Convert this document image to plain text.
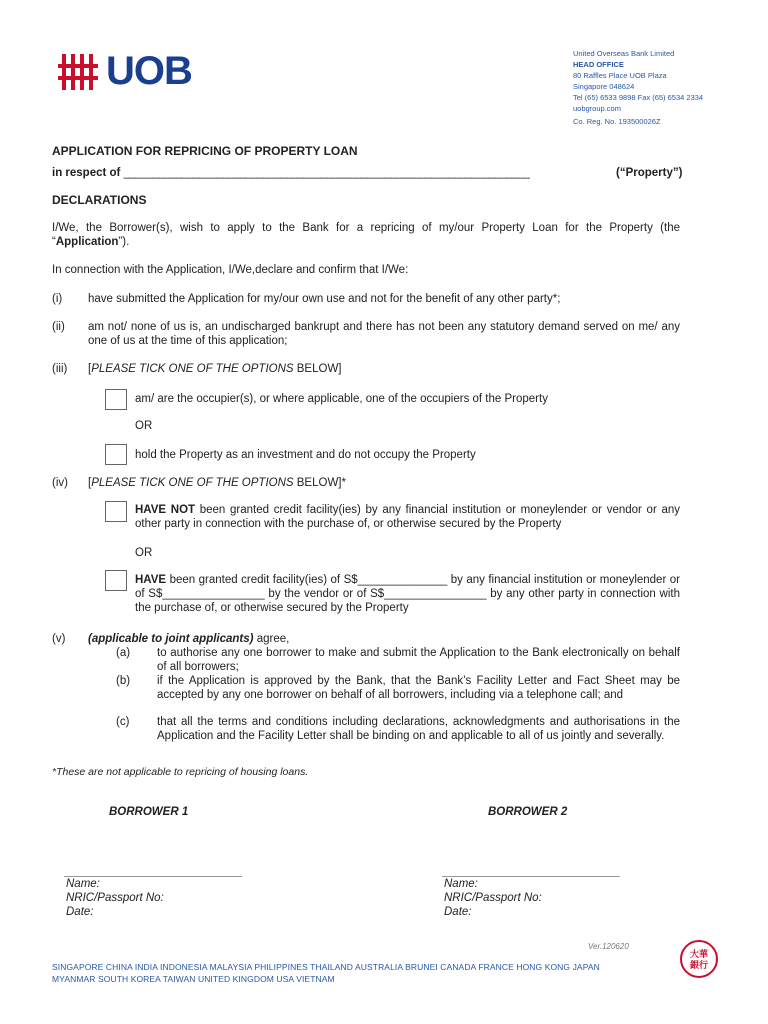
UOB	United Overseas Bank Limited
HEAD OFFICE
80 Raffles Place UOB Plaza
Singapore 048624
Tel (65) 6533 9898 Fax (65) 6534 2334
uobgroup.com
Co. Reg. No. 193500026Z
APPLICATION FOR REPRICING OF PROPERTY LOAN
in respect of ______________________________________________________________________	(“Property”)
DECLARATIONS
I/We, the Borrower(s), wish to apply to the Bank for a repricing of my/our Property Loan for the Property (the “Application”).
In connection with the Application, I/We,declare and confirm that I/We:
(i) have submitted the Application for my/our own use and not for the benefit of any other party*;
(ii) am not/ none of us is, an undischarged bankrupt and there has not been any statutory demand served on me/ any one of us at the time of this application;
(iii) [PLEASE TICK ONE OF THE OPTIONS BELOW]
am/ are the occupier(s), or where applicable, one of the occupiers of the Property
OR
hold the Property as an investment and do not occupy the Property
(iv) [PLEASE TICK ONE OF THE OPTIONS BELOW]*
HAVE NOT been granted credit facility(ies) by any financial institution or moneylender or vendor or any other party in connection with the purchase of, or otherwise secured by the Property
OR
HAVE been granted credit facility(ies) of S$______________ by any financial institution or moneylender or of S$________________ by the vendor or of S$________________ by any other party in connection with the purchase of, or otherwise secured by the Property
(v) (applicable to joint applicants) agree,
(a) to authorise any one borrower to make and submit the Application to the Bank electronically on behalf of all borrowers;
(b) if the Application is approved by the Bank, that the Bank’s Facility Letter and Fact Sheet may be accepted by any one borrower on behalf of all borrowers, including via a telephone call; and
(c) that all the terms and conditions including declarations, acknowledgments and authorisations in the Application and the Facility Letter shall be binding on and applicable to all of us jointly and severally.
*These are not applicable to repricing of housing loans.
BORROWER 1	BORROWER 2
Name:
NRIC/Passport No:
Date:
Name:
NRIC/Passport No:
Date:
Ver.120620
SINGAPORE CHINA INDIA INDONESIA MALAYSIA PHILIPPINES THAILAND AUSTRALIA BRUNEI CANADA FRANCE HONG KONG JAPAN
MYANMAR SOUTH KOREA TAIWAN UNITED KINGDOM USA VIETNAM
大華
銀行
